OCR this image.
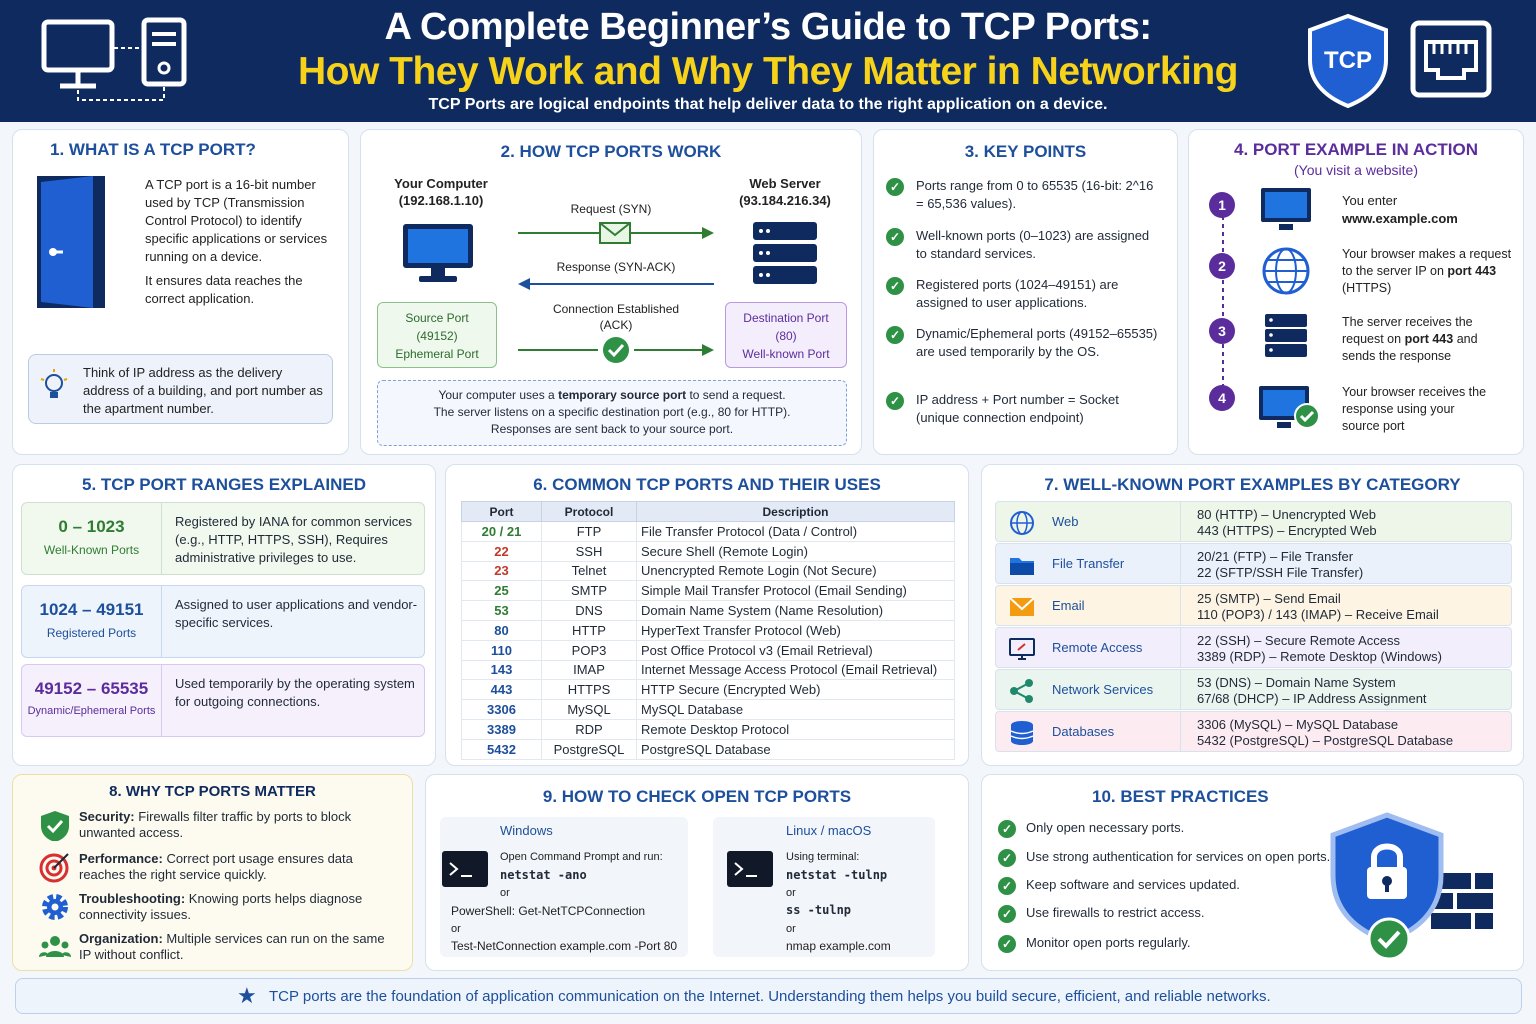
A Complete Beginner’s Guide to TCP Ports:
How They Work and Why They Matter in Networking
TCP Ports are logical endpoints that help deliver data to the right application on a device.
TCP
1. WHAT IS A TCP PORT?
A TCP port is a 16-bit number used by TCP (Transmission Control Protocol) to identify specific applications or services running on a device.
It ensures data reaches the correct application.
Think of IP address as the delivery address of a building, and port number as the apartment number.
2. HOW TCP PORTS WORK
Your Computer
(192.168.1.10)
Web Server
(93.184.216.34)
Request (SYN)
Response (SYN-ACK)
Connection Established
(ACK)
Source Port
(49152)
Ephemeral Port
Destination Port
(80)
Well-known Port
Your computer uses a temporary source port to send a request.
The server listens on a specific destination port (e.g., 80 for HTTP).
Responses are sent back to your source port.
3. KEY POINTS
✓	Ports range from 0 to 65535 (16-bit: 2^16 = 65,536 values).
✓	Well-known ports (0–1023) are assigned to standard services.
✓	Registered ports (1024–49151) are assigned to user applications.
✓	Dynamic/Ephemeral ports (49152–65535) are used temporarily by the OS.
✓	IP address + Port number = Socket (unique connection endpoint)
4. PORT EXAMPLE IN ACTION
(You visit a website)
1
2
3
4
You enter
www.example.com
Your browser makes a request to the server IP on port 443 (HTTPS)
The server receives the request on port 443 and sends the response
Your browser receives the response using your source port
5. TCP PORT RANGES EXPLAINED
0 – 1023
Well-Known Ports
Registered by IANA for common services (e.g., HTTP, HTTPS, SSH), Requires administrative privileges to use.
1024 – 49151
Registered Ports
Assigned to user applications and vendor-specific services.
49152 – 65535
Dynamic/Ephemeral Ports
Used temporarily by the operating system for outgoing connections.
6. COMMON TCP PORTS AND THEIR USES
Port	Protocol	Description
20 / 21	FTP	File Transfer Protocol (Data / Control)
22	SSH	Secure Shell (Remote Login)
23	Telnet	Unencrypted Remote Login (Not Secure)
25	SMTP	Simple Mail Transfer Protocol (Email Sending)
53	DNS	Domain Name System (Name Resolution)
80	HTTP	HyperText Transfer Protocol (Web)
110	POP3	Post Office Protocol v3 (Email Retrieval)
143	IMAP	Internet Message Access Protocol (Email Retrieval)
443	HTTPS	HTTP Secure (Encrypted Web)
3306	MySQL	MySQL Database
3389	RDP	Remote Desktop Protocol
5432	PostgreSQL	PostgreSQL Database
7. WELL-KNOWN PORT EXAMPLES BY CATEGORY
Web	80 (HTTP) – Unencrypted Web
443 (HTTPS) – Encrypted Web
File Transfer	20/21 (FTP) – File Transfer
22 (SFTP/SSH File Transfer)
Email	25 (SMTP) – Send Email
110 (POP3) / 143 (IMAP) – Receive Email
Remote Access	22 (SSH) – Secure Remote Access
3389 (RDP) – Remote Desktop (Windows)
Network Services	53 (DNS) – Domain Name System
67/68 (DHCP) – IP Address Assignment
Databases	3306 (MySQL) – MySQL Database
5432 (PostgreSQL) – PostgreSQL Database
8. WHY TCP PORTS MATTER
Security: Firewalls filter traffic by ports to block unwanted access.
Performance: Correct port usage ensures data reaches the right service quickly.
Troubleshooting: Knowing ports helps diagnose connectivity issues.
Organization: Multiple services can run on the same IP without conflict.
9. HOW TO CHECK OPEN TCP PORTS
Windows
Open Command Prompt and run:
netstat -ano
or
PowerShell: Get-NetTCPConnection
or
Test-NetConnection example.com -Port 80
Linux / macOS
Using terminal:
netstat -tulnp
or
ss -tulnp
or
nmap example.com
10. BEST PRACTICES
✓ Only open necessary ports.
✓ Use strong authentication for services on open ports.
✓ Keep software and services updated.
✓ Use firewalls to restrict access.
✓ Monitor open ports regularly.
★ TCP ports are the foundation of application communication on the Internet. Understanding them helps you build secure, efficient, and reliable networks.
